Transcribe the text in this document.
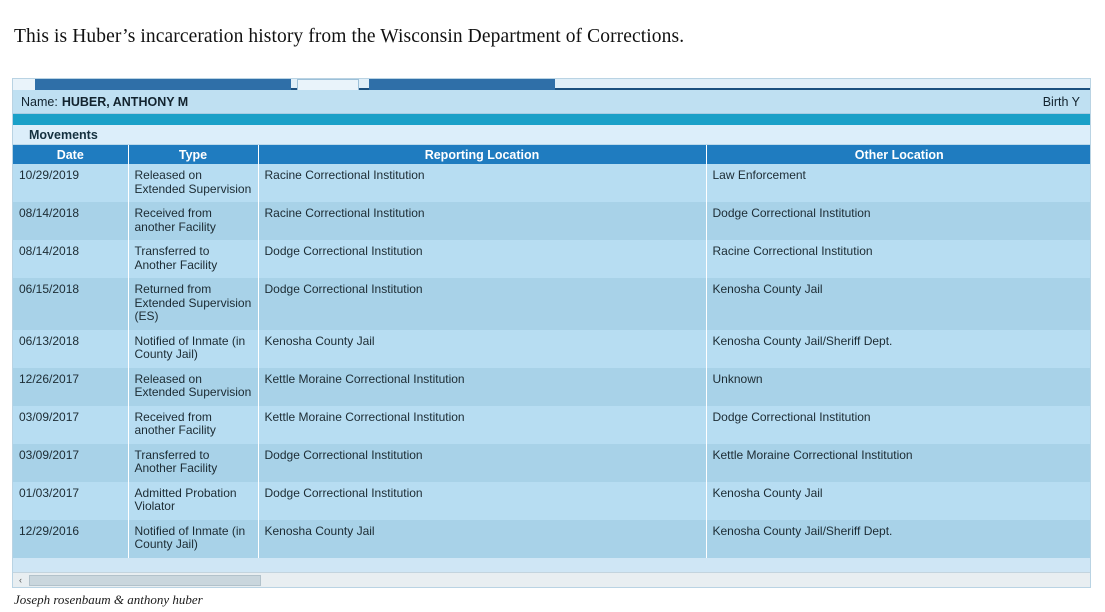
This is Huber’s incarceration history from the Wisconsin Department of Corrections.
Name: HUBER, ANTHONY M	Birth Y
Movements
Date	Type	Reporting Location	Other Location
10/29/2019	Released on Extended Supervision	Racine Correctional Institution	Law Enforcement
08/14/2018	Received from another Facility	Racine Correctional Institution	Dodge Correctional Institution
08/14/2018	Transferred to Another Facility	Dodge Correctional Institution	Racine Correctional Institution
06/15/2018	Returned from Extended Supervision (ES)	Dodge Correctional Institution	Kenosha County Jail
06/13/2018	Notified of Inmate (in County Jail)	Kenosha County Jail	Kenosha County Jail/Sheriff Dept.
12/26/2017	Released on Extended Supervision	Kettle Moraine Correctional Institution	Unknown
03/09/2017	Received from another Facility	Kettle Moraine Correctional Institution	Dodge Correctional Institution
03/09/2017	Transferred to Another Facility	Dodge Correctional Institution	Kettle Moraine Correctional Institution
01/03/2017	Admitted Probation Violator	Dodge Correctional Institution	Kenosha County Jail
12/29/2016	Notified of Inmate (in County Jail)	Kenosha County Jail	Kenosha County Jail/Sheriff Dept.
‹
Joseph rosenbaum & anthony huber
